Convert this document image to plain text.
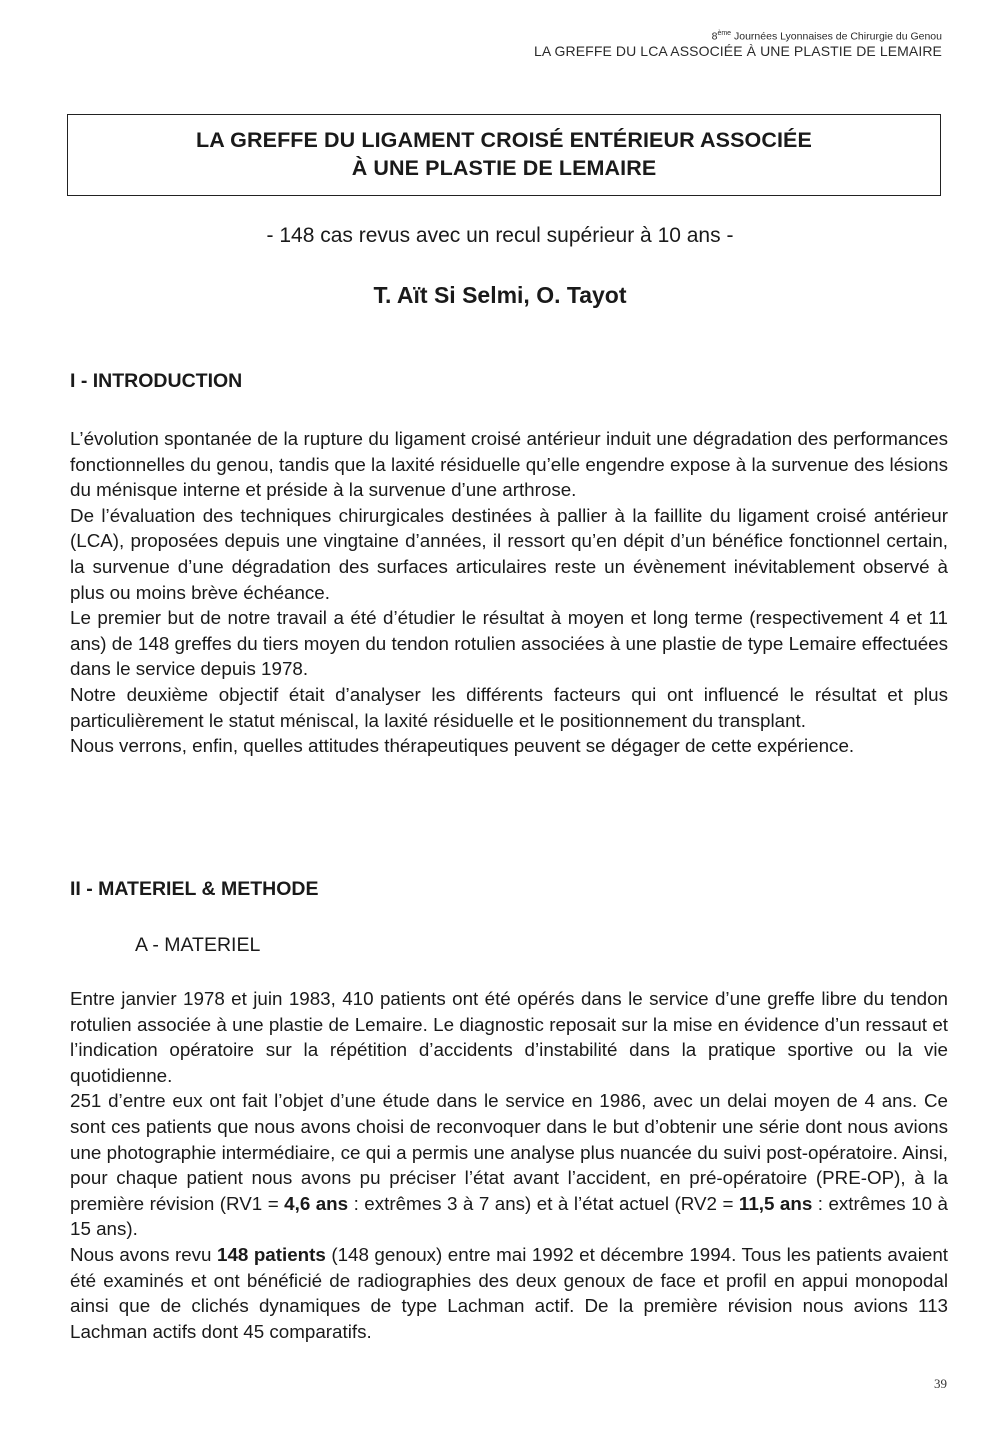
8ème Journées Lyonnaises de Chirurgie du Genou
LA GREFFE DU LCA ASSOCIÉE À UNE PLASTIE DE LEMAIRE
LA GREFFE DU LIGAMENT CROISÉ ENTÉRIEUR ASSOCIÉE
À UNE PLASTIE DE LEMAIRE
- 148 cas revus avec un recul supérieur à 10 ans -
T. Aït Si Selmi, O. Tayot
I - INTRODUCTION

L’évolution spontanée de la rupture du ligament croisé antérieur induit une dégradation des performances fonctionnelles du genou, tandis que la laxité résiduelle qu’elle engendre expose à la survenue des lésions du ménisque interne et préside à la survenue d’une arthrose.

De l’évaluation des techniques chirurgicales destinées à pallier à la faillite du ligament croisé antérieur (LCA), proposées depuis une vingtaine d’années, il ressort qu’en dépit d’un bénéfice fonctionnel certain, la survenue d’une dégradation des surfaces articulaires reste un évènement inévitablement observé à plus ou moins brève échéance.

Le premier but de notre travail a été d’étudier le résultat à moyen et long terme (respectivement 4 et 11 ans) de 148 greffes du tiers moyen du tendon rotulien associées à une plastie de type Lemaire effectuées dans le service depuis 1978.

Notre deuxième objectif était d’analyser les différents facteurs qui ont influencé le résultat et plus particulièrement le statut méniscal, la laxité résiduelle et le positionnement du transplant.

Nous verrons, enfin, quelles attitudes thérapeutiques peuvent se dégager de cette expérience.

II - MATERIEL & METHODE
A - MATERIEL

Entre janvier 1978 et juin 1983, 410 patients ont été opérés dans le service d’une greffe libre du tendon rotulien associée à une plastie de Lemaire. Le diagnostic reposait sur la mise en évidence d’un ressaut et l’indication opératoire sur la répétition d’accidents d’instabilité dans la pratique sportive ou la vie quotidienne.

251 d’entre eux ont fait l’objet d’une étude dans le service en 1986, avec un delai moyen de 4 ans. Ce sont ces patients que nous avons choisi de reconvoquer dans le but d’obtenir une série dont nous avions une photographie intermédiaire, ce qui a permis une analyse plus nuancée du suivi post-opératoire. Ainsi, pour chaque patient nous avons pu préciser l’état avant l’accident, en pré-opératoire (PRE-OP), à la première révision (RV1 = 4,6 ans : extrêmes 3 à 7 ans) et à l’état actuel (RV2 = 11,5 ans : extrêmes 10 à 15 ans).

Nous avons revu 148 patients (148 genoux) entre mai 1992 et décembre 1994. Tous les patients avaient été examinés et ont bénéficié de radiographies des deux genoux de face et profil en appui monopodal ainsi que de clichés dynamiques de type Lachman actif. De la première révision nous avions 113 Lachman actifs dont 45 comparatifs.

39
